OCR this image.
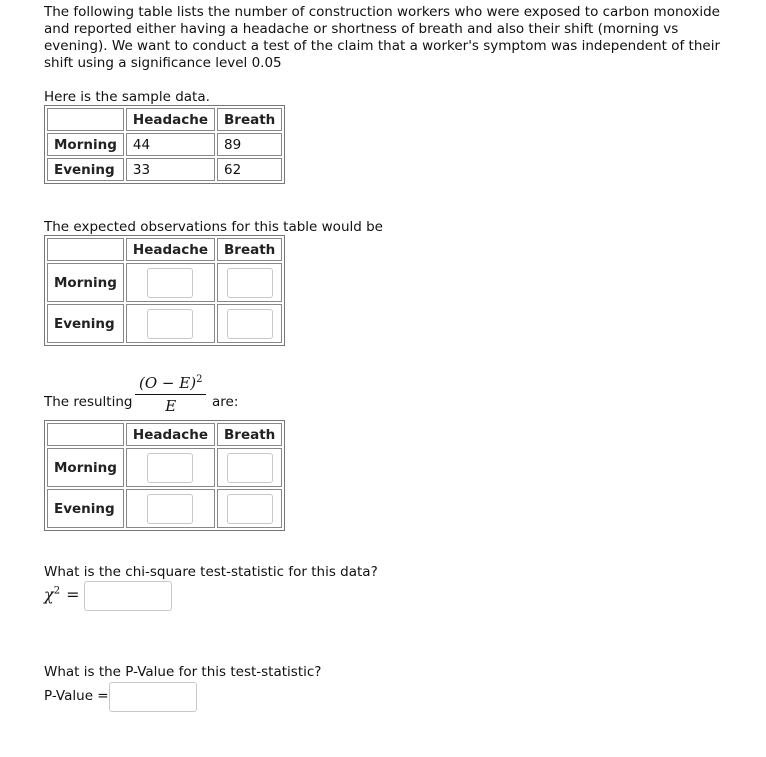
The following table lists the number of construction workers who were exposed to carbon monoxide and reported either having a headache or shortness of breath and also their shift (morning vs evening). We want to conduct a test of the claim that a worker's symptom was independent of their shift using a significance level 0.05

Here is the sample data.

	Headache	Breath
Morning	44	89
Evening	33	62

The expected observations for this table would be

	Headache	Breath
Morning	

Evening	

The resulting $\frac{(O - E)^2}{E}$ are:
	Headache	Breath
Morning	

Evening	

What is the chi-square test-statistic for this data?

$\chi^2$ =

What is the P-Value for this test-statistic?

P-Value =
